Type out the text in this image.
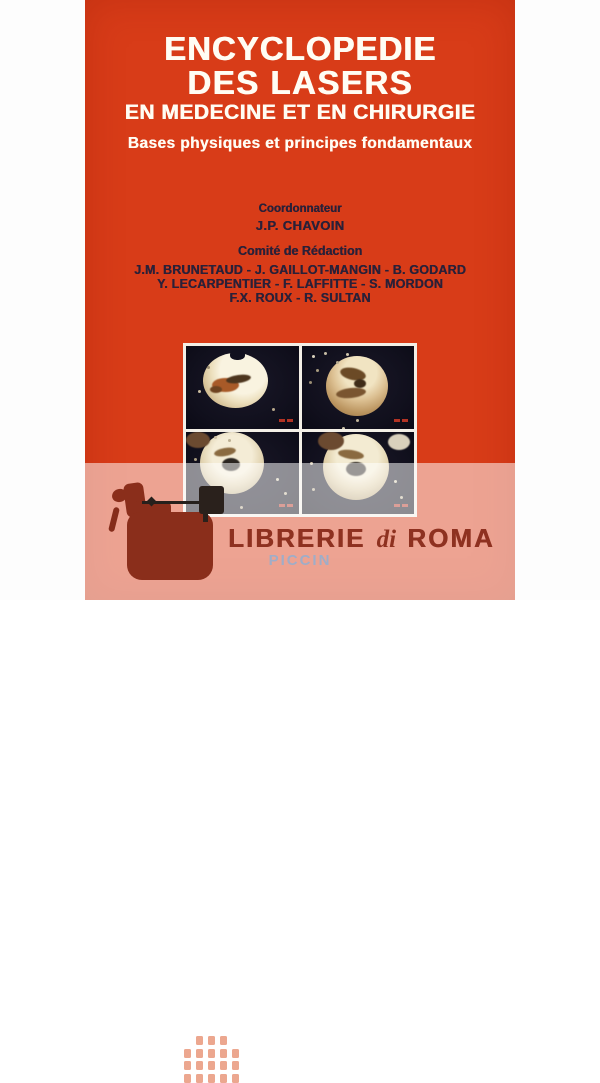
ENCYCLOPEDIE
DES LASERS
EN MEDECINE ET EN CHIRURGIE
Bases physiques et principes fondamentaux
Coordonnateur
J.P. CHAVOIN
Comité de Rédaction
J.M. BRUNETAUD - J. GAILLOT-MANGIN - B. GODARD
Y. LECARPENTIER - F. LAFFITTE - S. MORDON
F.X. ROUX - R. SULTAN
LIBRERIE di ROMA
